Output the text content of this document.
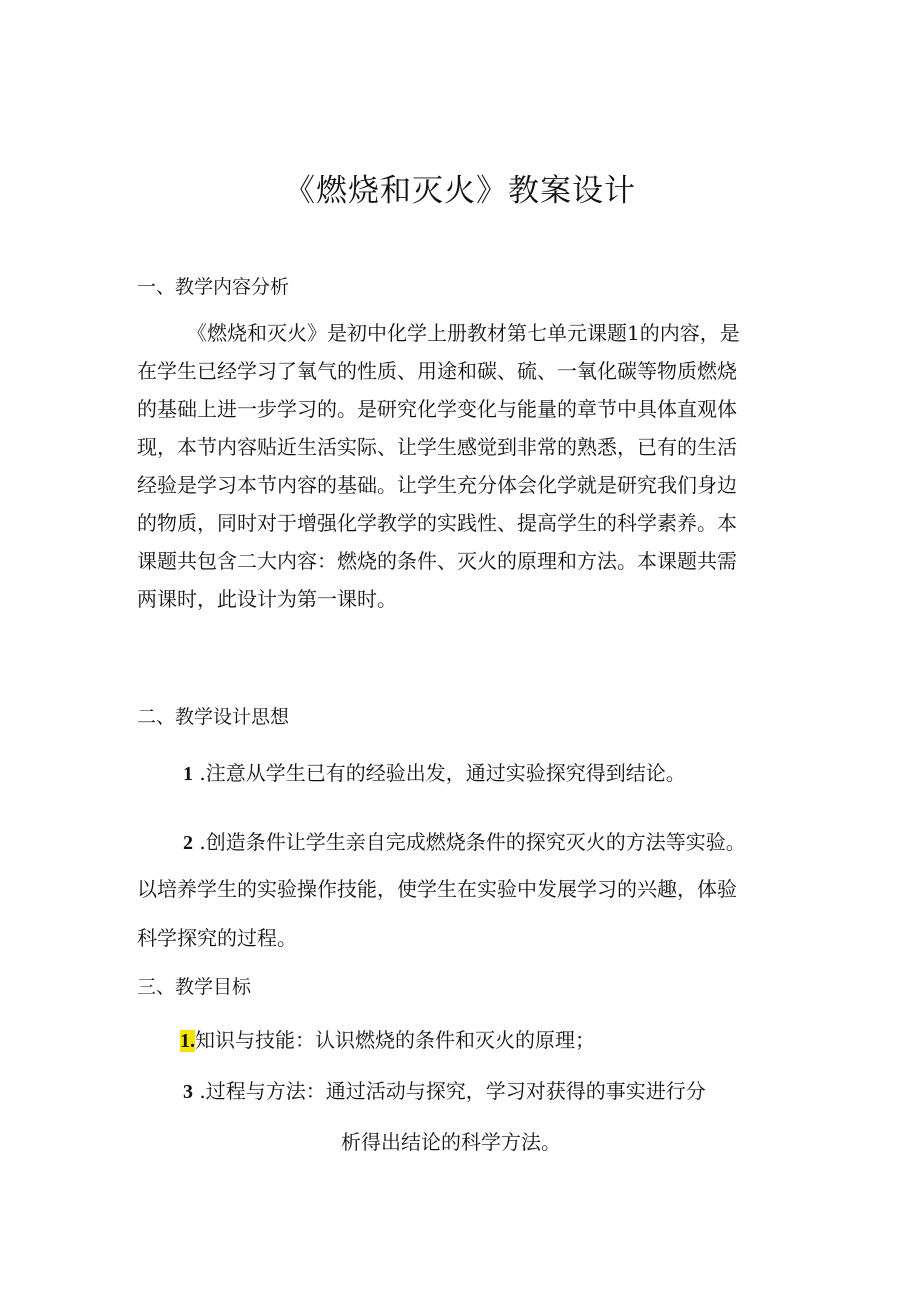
《燃烧和灭火》教案设计
一、教学内容分析
《燃烧和灭火》是初中化学上册教材第七单元课题1的内容，是
在学生已经学习了氧气的性质、用途和碳、硫、一氧化碳等物质燃烧
的基础上进一步学习的。是研究化学变化与能量的章节中具体直观体
现，本节内容贴近生活实际、让学生感觉到非常的熟悉，已有的生活
经验是学习本节内容的基础。让学生充分体会化学就是研究我们身边
的物质，同时对于增强化学教学的实践性、提高学生的科学素养。本
课题共包含二大内容：燃烧的条件、灭火的原理和方法。本课题共需
两课时，此设计为第一课时。
二、教学设计思想
1 .注意从学生已有的经验出发，通过实验探究得到结论。
2 .创造条件让学生亲自完成燃烧条件的探究灭火的方法等实验。
以培养学生的实验操作技能，使学生在实验中发展学习的兴趣，体验
科学探究的过程。
三、教学目标
1.知识与技能：认识燃烧的条件和灭火的原理；
3 .过程与方法：通过活动与探究，学习对获得的事实进行分
析得出结论的科学方法。
